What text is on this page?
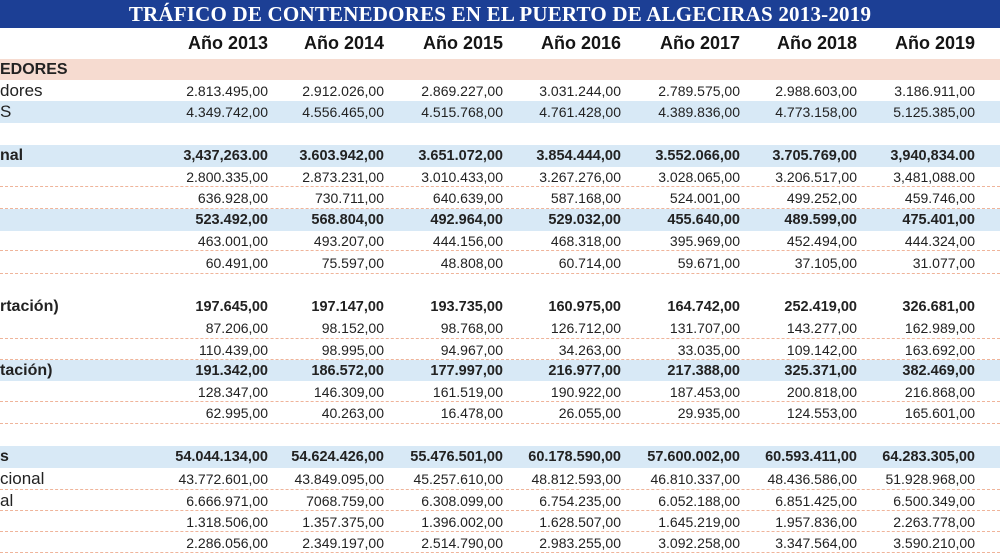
TRÁFICO DE CONTENEDORES EN EL PUERTO DE ALGECIRAS 2013-2019
Año 2013	Año 2014	Año 2015	Año 2016	Año 2017	Año 2018	Año 2019
EDORES
dores	2.813.495,00	2.912.026,00	2.869.227,00	3.031.244,00	2.789.575,00	2.988.603,00	3.186.911,00
S	4.349.742,00	4.556.465,00	4.515.768,00	4.761.428,00	4.389.836,00	4.773.158,00	5.125.385,00
nal	3,437,263.00	3.603.942,00	3.651.072,00	3.854.444,00	3.552.066,00	3.705.769,00	3,940,834.00
2.800.335,00	2.873.231,00	3.010.433,00	3.267.276,00	3.028.065,00	3.206.517,00	3,481,088.00
636.928,00	730.711,00	640.639,00	587.168,00	524.001,00	499.252,00	459.746,00
523.492,00	568.804,00	492.964,00	529.032,00	455.640,00	489.599,00	475.401,00
463.001,00	493.207,00	444.156,00	468.318,00	395.969,00	452.494,00	444.324,00
60.491,00	75.597,00	48.808,00	60.714,00	59.671,00	37.105,00	31.077,00
rtación)	197.645,00	197.147,00	193.735,00	160.975,00	164.742,00	252.419,00	326.681,00
87.206,00	98.152,00	98.768,00	126.712,00	131.707,00	143.277,00	162.989,00
110.439,00	98.995,00	94.967,00	34.263,00	33.035,00	109.142,00	163.692,00
tación)	191.342,00	186.572,00	177.997,00	216.977,00	217.388,00	325.371,00	382.469,00
128.347,00	146.309,00	161.519,00	190.922,00	187.453,00	200.818,00	216.868,00
62.995,00	40.263,00	16.478,00	26.055,00	29.935,00	124.553,00	165.601,00
s	54.044.134,00	54.624.426,00	55.476.501,00	60.178.590,00	57.600.002,00	60.593.411,00	64.283.305,00
cional	43.772.601,00	43.849.095,00	45.257.610,00	48.812.593,00	46.810.337,00	48.436.586,00	51.928.968,00
al	6.666.971,00	7068.759,00	6.308.099,00	6.754.235,00	6.052.188,00	6.851.425,00	6.500.349,00
1.318.506,00	1.357.375,00	1.396.002,00	1.628.507,00	1.645.219,00	1.957.836,00	2.263.778,00
2.286.056,00	2.349.197,00	2.514.790,00	2.983.255,00	3.092.258,00	3.347.564,00	3.590.210,00
